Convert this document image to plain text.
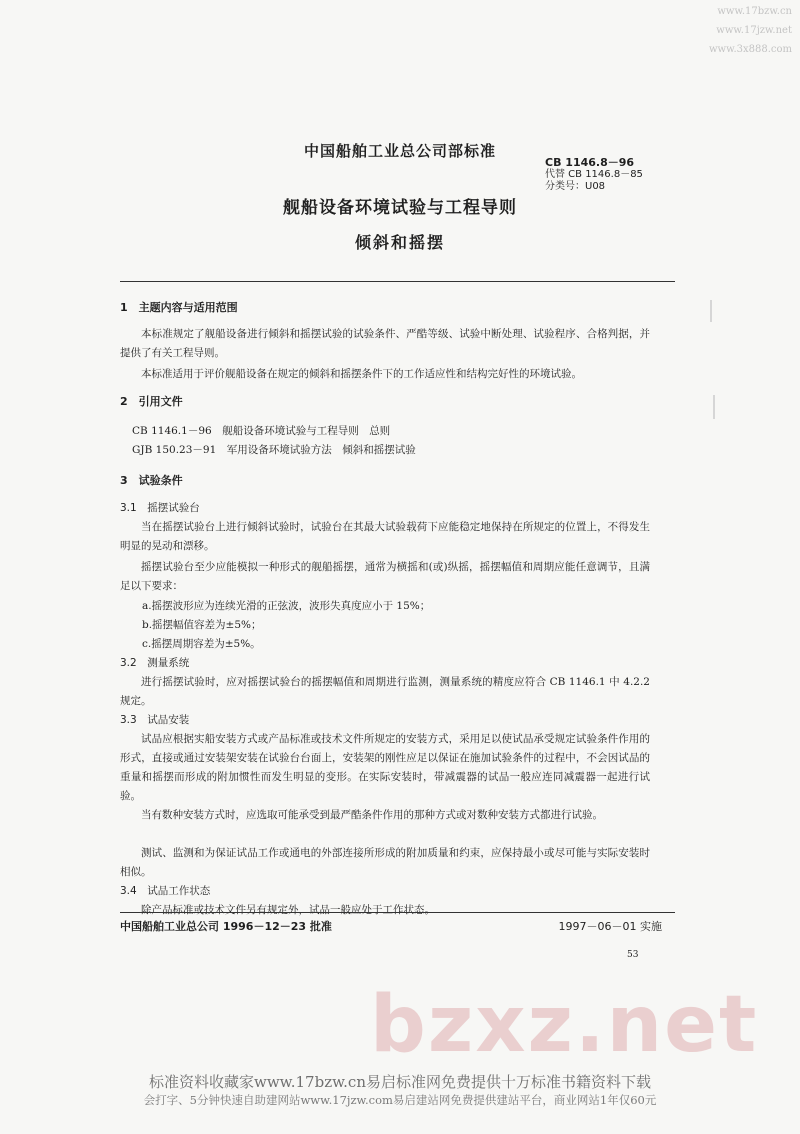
www.17bzw.cn
www.17jzw.net
www.3x888.com
中国船舶工业总公司部标准
CB 1146.8－96
代替 CB 1146.8－85
分类号：U08
舰船设备环境试验与工程导则
倾斜和摇摆
1　主题内容与适用范围
本标准规定了舰船设备进行倾斜和摇摆试验的试验条件、严酷等级、试验中断处理、试验程序、合格判据，并提供了有关工程导则。
本标准适用于评价舰船设备在规定的倾斜和摇摆条件下的工作适应性和结构完好性的环境试验。
2　引用文件
CB 1146.1－96　舰船设备环境试验与工程导则　总则
GJB 150.23－91　军用设备环境试验方法　倾斜和摇摆试验
3　试验条件
3.1　摇摆试验台
当在摇摆试验台上进行倾斜试验时，试验台在其最大试验载荷下应能稳定地保持在所规定的位置上，不得发生明显的晃动和漂移。
摇摆试验台至少应能模拟一种形式的舰船摇摆，通常为横摇和(或)纵摇，摇摆幅值和周期应能任意调节，且满足以下要求：
a.摇摆波形应为连续光滑的正弦波，波形失真度应小于 15%；
b.摇摆幅值容差为±5%；
c.摇摆周期容差为±5%。
3.2　测量系统
进行摇摆试验时，应对摇摆试验台的摇摆幅值和周期进行监测，测量系统的精度应符合 CB 1146.1 中 4.2.2 规定。
3.3　试品安装
试品应根据实船安装方式或产品标准或技术文件所规定的安装方式，采用足以使试品承受规定试验条件作用的形式，直接或通过安装架安装在试验台台面上，安装架的刚性应足以保证在施加试验条件的过程中，不会因试品的重量和摇摆而形成的附加惯性而发生明显的变形。在实际安装时，带减震器的试品一般应连同减震器一起进行试验。
当有数种安装方式时，应选取可能承受到最严酷条件作用的那种方式或对数种安装方式都进行试验。
测试、监测和为保证试品工作或通电的外部连接所形成的附加质量和约束，应保持最小或尽可能与实际安装时相似。
3.4　试品工作状态
除产品标准或技术文件另有规定外，试品一般应处于工作状态。
中国船舶工业总公司 1996－12－23 批准	1997－06－01 实施
53
bzxz.net
标准资料收藏家www.17bzw.cn易启标准网免费提供十万标准书籍资料下载
会打字、5分钟快速自助建网站www.17jzw.com易启建站网免费提供建站平台，商业网站1年仅60元
